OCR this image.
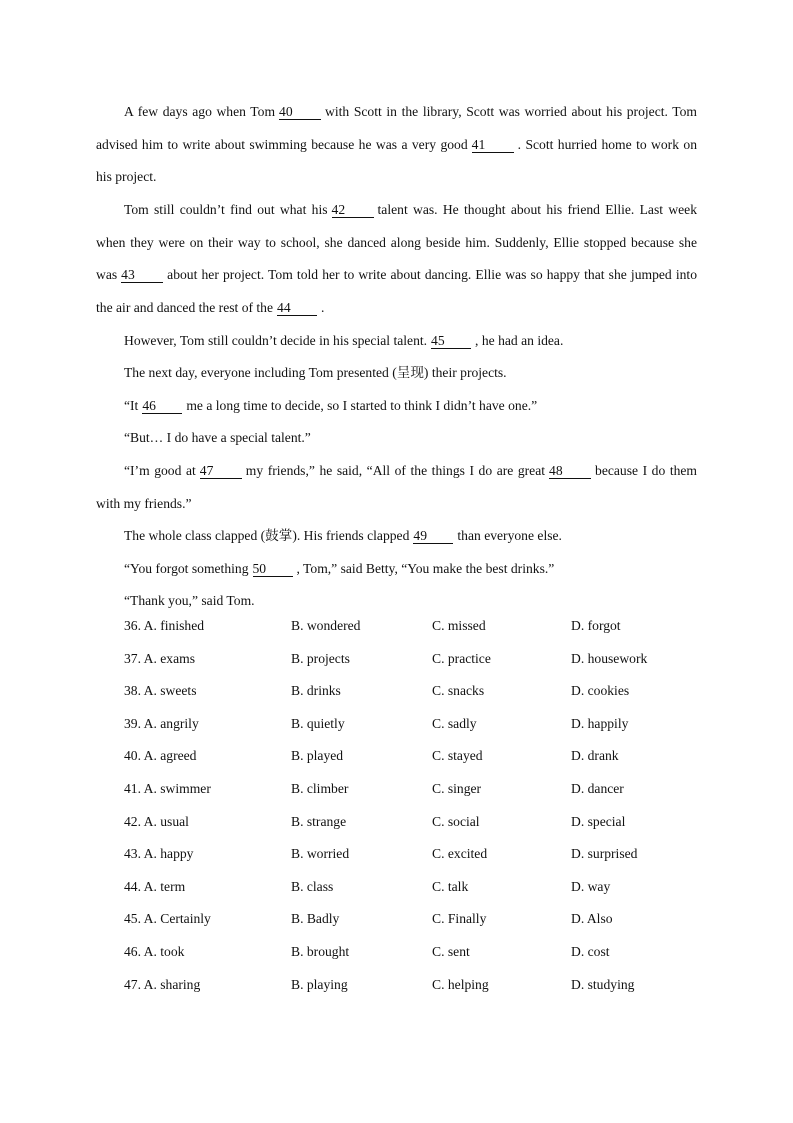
A few days ago when Tom 40 with Scott in the library, Scott was worried about his project. Tom advised him to write about swimming because he was a very good 41 . Scott hurried home to work on his project.

Tom still couldn’t find out what his 42 talent was. He thought about his friend Ellie. Last week when they were on their way to school, she danced along beside him. Suddenly, Ellie stopped because she was 43 about her project. Tom told her to write about dancing. Ellie was so happy that she jumped into the air and danced the rest of the 44 .

However, Tom still couldn’t decide in his special talent. 45 , he had an idea.

The next day, everyone including Tom presented (呈现) their projects.

“It 46 me a long time to decide, so I started to think I didn’t have one.”

“But… I do have a special talent.”

“I’m good at 47 my friends,” he said, “All of the things I do are great 48 because I do them with my friends.”

The whole class clapped (鼓掌). His friends clapped 49 than everyone else.

“You forgot something 50 , Tom,” said Betty, “You make the best drinks.”

“Thank you,” said Tom.

36. A. finished	B. wondered	C. missed	D. forgot
37. A. exams	B. projects	C. practice	D. housework
38. A. sweets	B. drinks	C. snacks	D. cookies
39. A. angrily	B. quietly	C. sadly	D. happily
40. A. agreed	B. played	C. stayed	D. drank
41. A. swimmer	B. climber	C. singer	D. dancer
42. A. usual	B. strange	C. social	D. special
43. A. happy	B. worried	C. excited	D. surprised
44. A. term	B. class	C. talk	D. way
45. A. Certainly	B. Badly	C. Finally	D. Also
46. A. took	B. brought	C. sent	D. cost
47. A. sharing	B. playing	C. helping	D. studying
